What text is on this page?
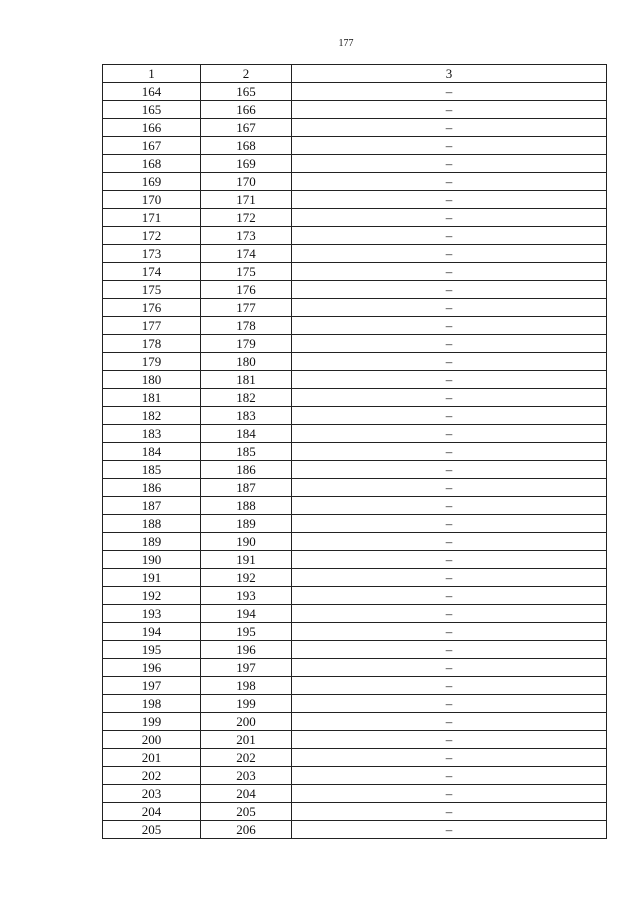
177
1	2	3
164	165	–
165	166	–
166	167	–
167	168	–
168	169	–
169	170	–
170	171	–
171	172	–
172	173	–
173	174	–
174	175	–
175	176	–
176	177	–
177	178	–
178	179	–
179	180	–
180	181	–
181	182	–
182	183	–
183	184	–
184	185	–
185	186	–
186	187	–
187	188	–
188	189	–
189	190	–
190	191	–
191	192	–
192	193	–
193	194	–
194	195	–
195	196	–
196	197	–
197	198	–
198	199	–
199	200	–
200	201	–
201	202	–
202	203	–
203	204	–
204	205	–
205	206	–
